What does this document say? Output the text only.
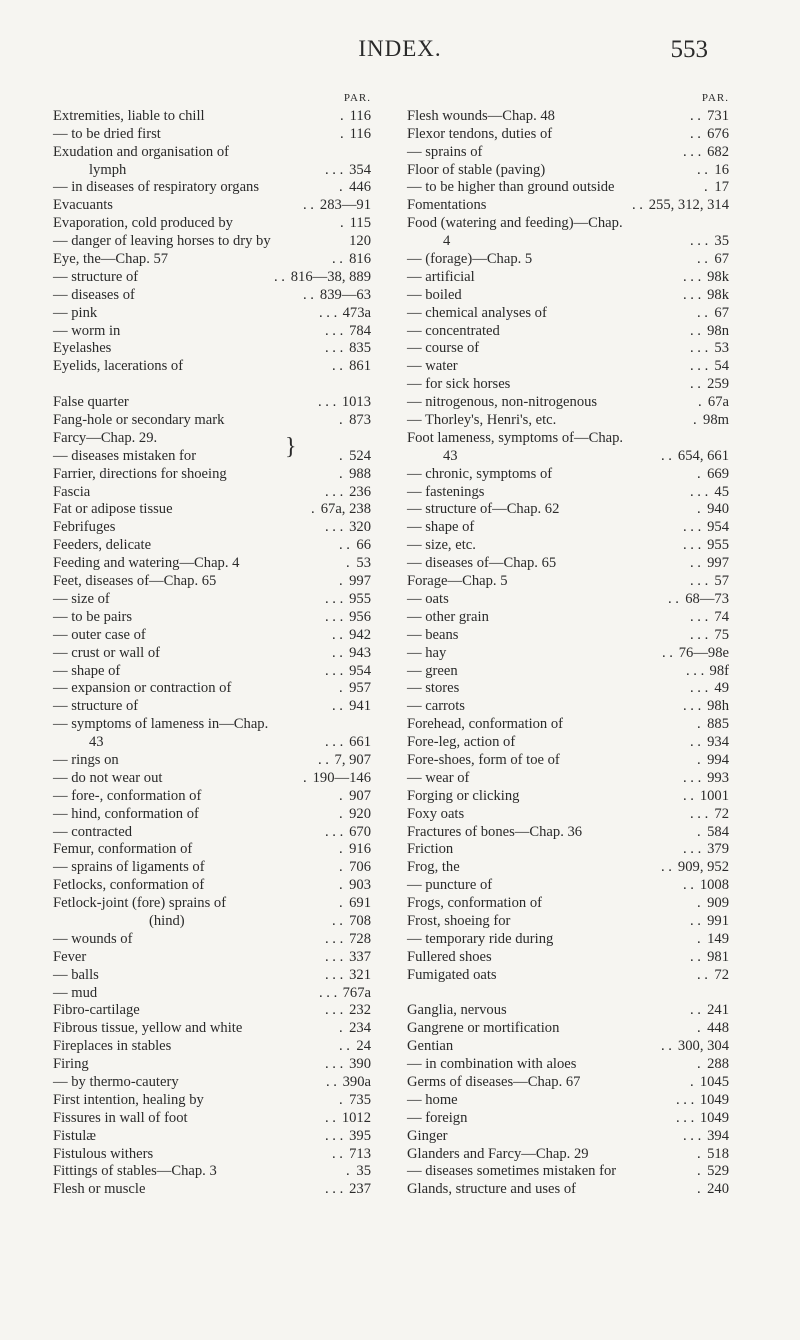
INDEX.	553
PAR.
Extremities, liable to chill	. 116
— to be dried first	. 116
Exudation and organisation of
lymph	. . . 354
— in diseases of respiratory organs	. 446
Evacuants	. . 283—91
Evaporation, cold produced by	. 115
— danger of leaving horses to dry by	120
Eye, the—Chap. 57	. . 816
— structure of	. . 816—38, 889
— diseases of	. . 839—63
— pink	. . . 473a
— worm in	. . . 784
Eyelashes	. . . 835
Eyelids, lacerations of	. . 861
False quarter	. . . 1013
Fang-hole or secondary mark	. 873
Farcy—Chap. 29.	}
— diseases mistaken for	. 524
Farrier, directions for shoeing	. 988
Fascia	. . . 236
Fat or adipose tissue	. 67a, 238
Febrifuges	. . . 320
Feeders, delicate	. . 66
Feeding and watering—Chap. 4	. 53
Feet, diseases of—Chap. 65	. 997
— size of	. . . 955
— to be pairs	. . . 956
— outer case of	. . 942
— crust or wall of	. . 943
— shape of	. . . 954
— expansion or contraction of	. 957
— structure of	. . 941
— symptoms of lameness in—Chap.
43	. . . 661
— rings on	. . 7, 907
— do not wear out	. 190—146
— fore-, conformation of	. 907
— hind, conformation of	. 920
— contracted	. . . 670
Femur, conformation of	. 916
— sprains of ligaments of	. 706
Fetlocks, conformation of	. 903
Fetlock-joint (fore) sprains of	. 691
(hind)	. . 708
— wounds of	. . . 728
Fever	. . . 337
— balls	. . . 321
— mud	. . . 767a
Fibro-cartilage	. . . 232
Fibrous tissue, yellow and white	. 234
Fireplaces in stables	. . 24
Firing	. . . 390
— by thermo-cautery	. . 390a
First intention, healing by	. 735
Fissures in wall of foot	. . 1012
Fistulæ	. . . 395
Fistulous withers	. . 713
Fittings of stables—Chap. 3	. 35
Flesh or muscle	. . . 237
PAR.
Flesh wounds—Chap. 48	. . 731
Flexor tendons, duties of	. . 676
— sprains of	. . . 682
Floor of stable (paving)	. . 16
— to be higher than ground outside	. 17
Fomentations	. . 255, 312, 314
Food (watering and feeding)—Chap.
4	. . . 35
— (forage)—Chap. 5	. . 67
— artificial	. . . 98k
— boiled	. . . 98k
— chemical analyses of	. . 67
— concentrated	. . 98n
— course of	. . . 53
— water	. . . 54
— for sick horses	. . 259
— nitrogenous, non-nitrogenous	. 67a
— Thorley's, Henri's, etc.	. 98m
Foot lameness, symptoms of—Chap.
43	. . 654, 661
— chronic, symptoms of	. 669
— fastenings	. . . 45
— structure of—Chap. 62	. 940
— shape of	. . . 954
— size, etc.	. . . 955
— diseases of—Chap. 65	. . 997
Forage—Chap. 5	. . . 57
— oats	. . 68—73
— other grain	. . . 74
— beans	. . . 75
— hay	. . 76—98e
— green	. . . 98f
— stores	. . . 49
— carrots	. . . 98h
Forehead, conformation of	. 885
Fore-leg, action of	. . 934
Fore-shoes, form of toe of	. 994
— wear of	. . . 993
Forging or clicking	. . 1001
Foxy oats	. . . 72
Fractures of bones—Chap. 36	. 584
Friction	. . . 379
Frog, the	. . 909, 952
— puncture of	. . 1008
Frogs, conformation of	. 909
Frost, shoeing for	. . 991
— temporary ride during	. 149
Fullered shoes	. . 981
Fumigated oats	. . 72
Ganglia, nervous	. . 241
Gangrene or mortification	. 448
Gentian	. . 300, 304
— in combination with aloes	. 288
Germs of diseases—Chap. 67	. 1045
— home	. . . 1049
— foreign	. . . 1049
Ginger	. . . 394
Glanders and Farcy—Chap. 29	. 518
— diseases sometimes mistaken for	. 529
Glands, structure and uses of	. 240
